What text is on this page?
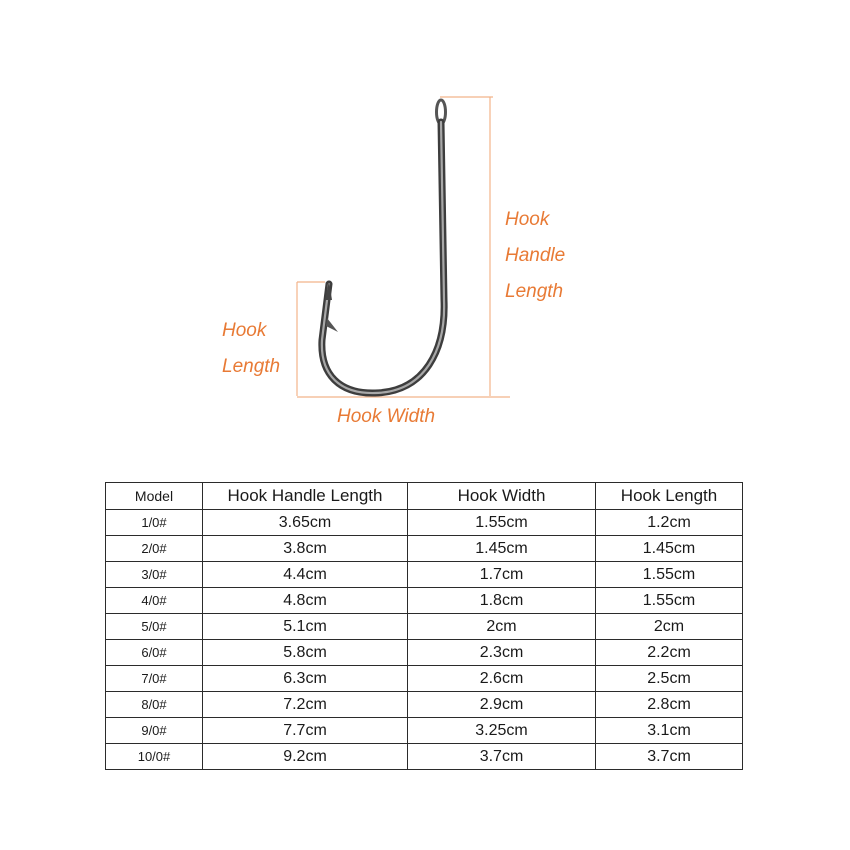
Hook
Handle
Length
Hook
Length
Hook Width
Model	Hook Handle Length	Hook Width	Hook Length
1/0#	3.65cm	1.55cm	1.2cm
2/0#	3.8cm	1.45cm	1.45cm
3/0#	4.4cm	1.7cm	1.55cm
4/0#	4.8cm	1.8cm	1.55cm
5/0#	5.1cm	2cm	2cm
6/0#	5.8cm	2.3cm	2.2cm
7/0#	6.3cm	2.6cm	2.5cm
8/0#	7.2cm	2.9cm	2.8cm
9/0#	7.7cm	3.25cm	3.1cm
10/0#	9.2cm	3.7cm	3.7cm
